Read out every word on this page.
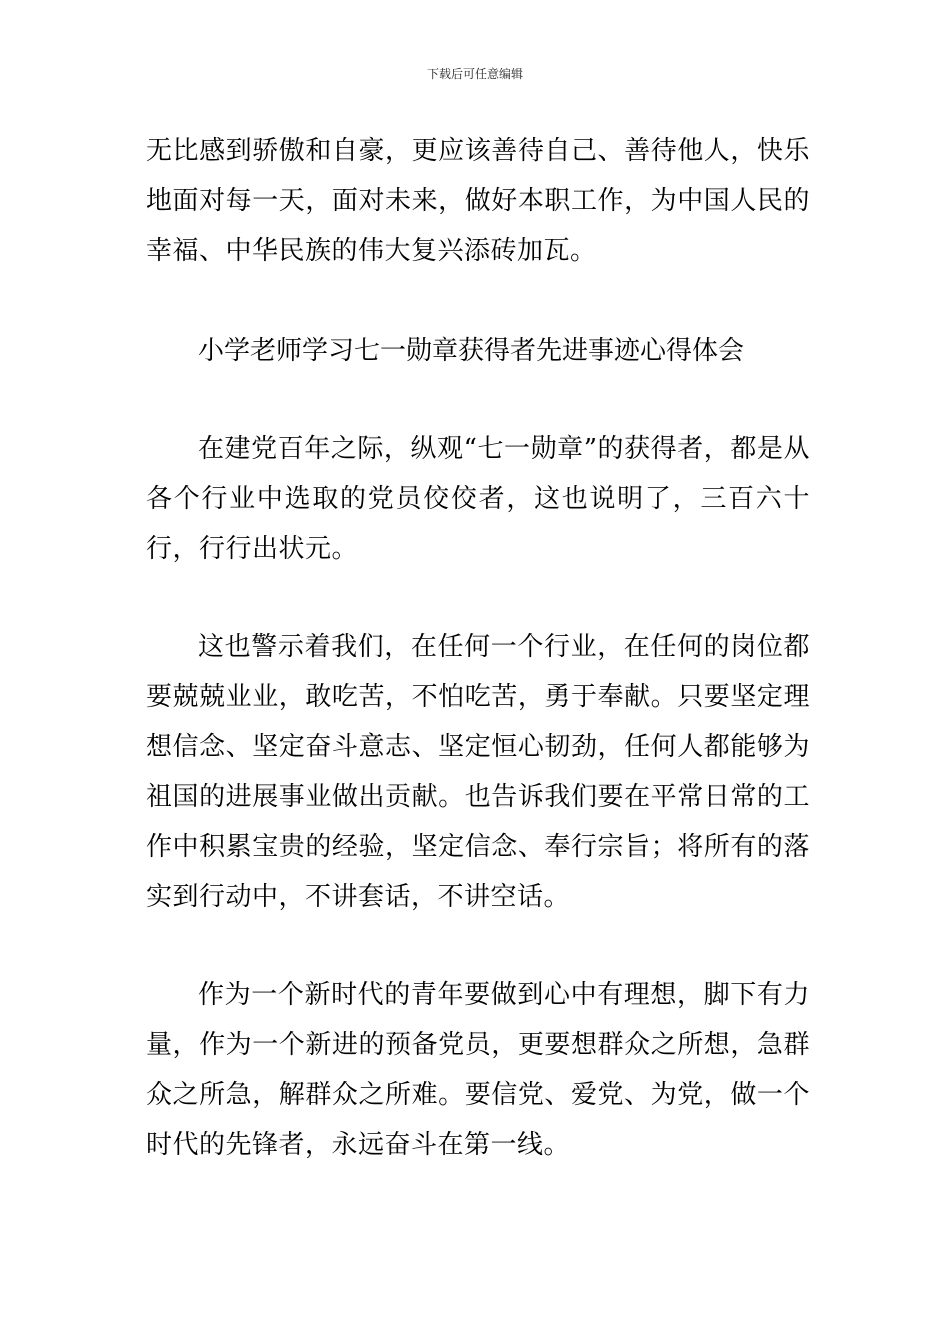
下载后可任意编辑

无比感到骄傲和自豪，更应该善待自己、善待他人，快乐地面对每一天，面对未来，做好本职工作，为中国人民的幸福、中华民族的伟大复兴添砖加瓦。

小学老师学习七一勋章获得者先进事迹心得体会

在建党百年之际，纵观“七一勋章”的获得者，都是从各个行业中选取的党员佼佼者，这也说明了，三百六十行，行行出状元。

这也警示着我们，在任何一个行业，在任何的岗位都要兢兢业业，敢吃苦，不怕吃苦，勇于奉献。只要坚定理想信念、坚定奋斗意志、坚定恒心韧劲，任何人都能够为祖国的进展事业做出贡献。也告诉我们要在平常日常的工作中积累宝贵的经验，坚定信念、奉行宗旨；将所有的落实到行动中，不讲套话，不讲空话。

作为一个新时代的青年要做到心中有理想，脚下有力量，作为一个新进的预备党员，更要想群众之所想，急群众之所急，解群众之所难。要信党、爱党、为党，做一个时代的先锋者，永远奋斗在第一线。
